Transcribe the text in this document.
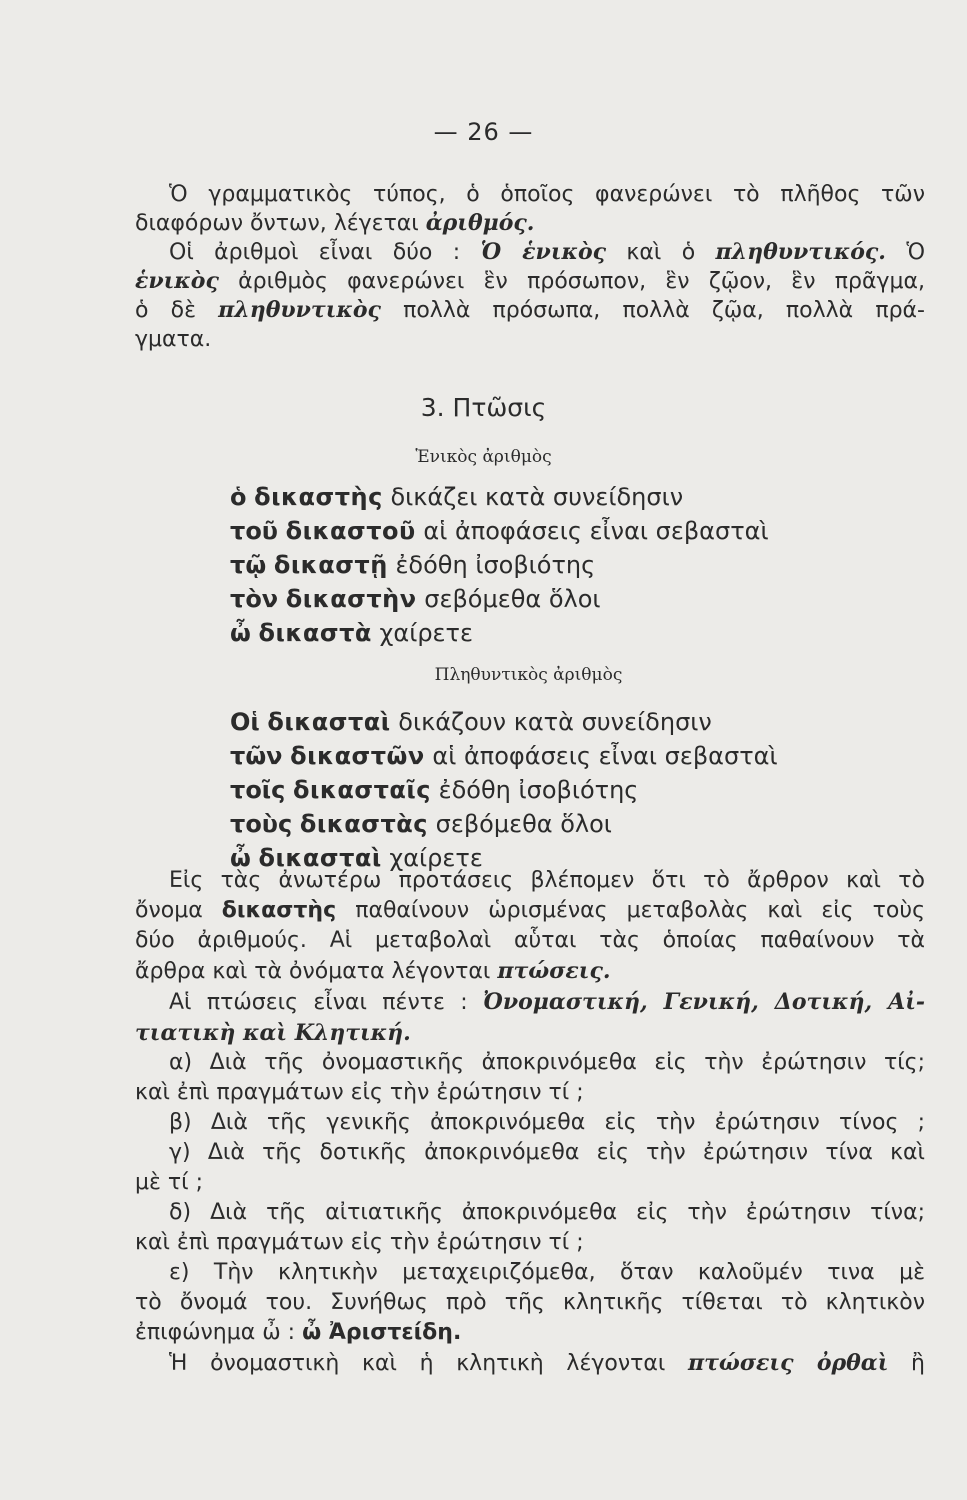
— 26 —
Ὁ γραμματικὸς τύπος, ὁ ὁποῖος φανερώνει τὸ πλῆθος τῶν
διαφόρων ὄντων, λέγεται ἀριθμός.
Οἱ ἀριθμοὶ εἶναι δύο : Ὁ ἑνικὸς καὶ ὁ πληθυντικός. Ὁ
ἑνικὸς ἀριθμὸς φανερώνει ἓν πρόσωπον, ἓν ζῷον, ἓν πρᾶγμα,
ὁ δὲ πληθυντικὸς πολλὰ πρόσωπα, πολλὰ ζῷα, πολλὰ πρά-
γματα.
3. Πτῶσις
Ἑνικὸς ἀριθμὸς
ὁ δικαστὴς δικάζει κατὰ συνείδησιν
τοῦ δικαστοῦ αἱ ἀποφάσεις εἶναι σεβασταὶ
τῷ δικαστῇ ἐδόθη ἰσοβιότης
τὸν δικαστὴν σεβόμεθα ὅλοι
ὦ δικαστὰ χαίρετε
Πληθυντικὸς ἀριθμὸς
Οἱ δικασταὶ δικάζουν κατὰ συνείδησιν
τῶν δικαστῶν αἱ ἀποφάσεις εἶναι σεβασταὶ
τοῖς δικασταῖς ἐδόθη ἰσοβιότης
τοὺς δικαστὰς σεβόμεθα ὅλοι
ὦ δικασταὶ χαίρετε
Εἰς τὰς ἀνωτέρω προτάσεις βλέπομεν ὅτι τὸ ἄρθρον καὶ τὸ
ὄνομα δικαστὴς παθαίνουν ὡρισμένας μεταβολὰς καὶ εἰς τοὺς
δύο ἀριθμούς. Αἱ μεταβολαὶ αὗται τὰς ὁποίας παθαίνουν τὰ
ἄρθρα καὶ τὰ ὀνόματα λέγονται πτώσεις.
Αἱ πτώσεις εἶναι πέντε : Ὀνομαστική, Γενική, Δοτική, Αἰ-
τιατικὴ καὶ Κλητική.
α) Διὰ τῆς ὀνομαστικῆς ἀποκρινόμεθα εἰς τὴν ἐρώτησιν τίς;
καὶ ἐπὶ πραγμάτων εἰς τὴν ἐρώτησιν τί ;
β) Διὰ τῆς γενικῆς ἀποκρινόμεθα εἰς τὴν ἐρώτησιν τίνος ;
γ) Διὰ τῆς δοτικῆς ἀποκρινόμεθα εἰς τὴν ἐρώτησιν τίνα καὶ
μὲ τί ;
δ) Διὰ τῆς αἰτιατικῆς ἀποκρινόμεθα εἰς τὴν ἐρώτησιν τίνα;
καὶ ἐπὶ πραγμάτων εἰς τὴν ἐρώτησιν τί ;
ε) Τὴν κλητικὴν μεταχειριζόμεθα, ὅταν καλοῦμέν τινα μὲ
τὸ ὄνομά του. Συνήθως πρὸ τῆς κλητικῆς τίθεται τὸ κλητικὸν
ἐπιφώνημα ὦ : ὦ Ἀριστείδη.
Ἡ ὀνομαστικὴ καὶ ἡ κλητικὴ λέγονται πτώσεις ὀρθαὶ ἢ
